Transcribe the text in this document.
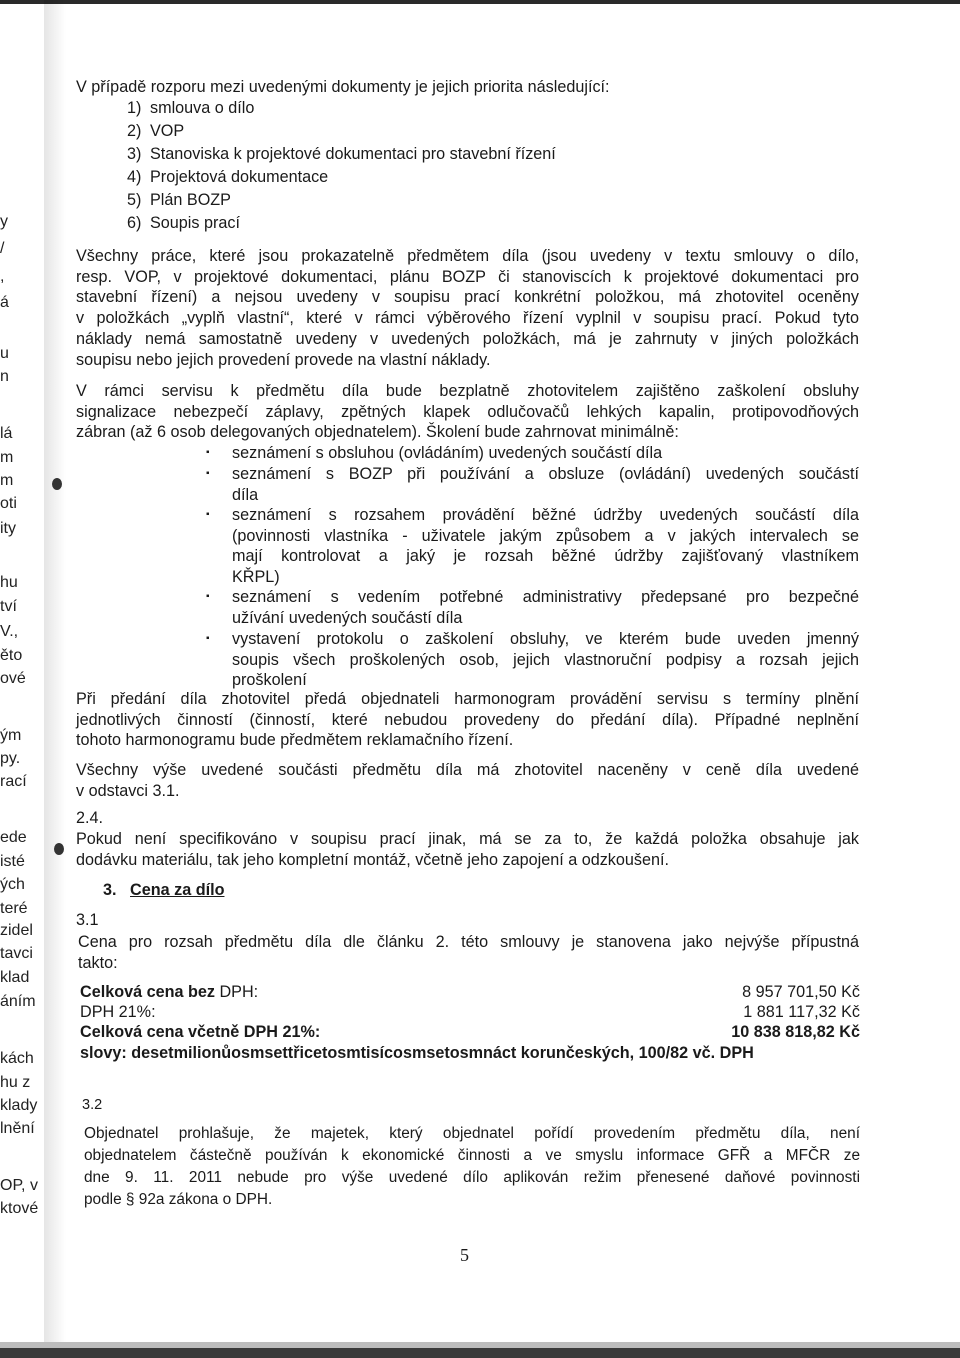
y
/
,
á
u
n
lá
m
m
oti
ity
hu
tví
V.,
ěto
ové
ým
py.
rací
ede
isté
ých
teré
zidel
tavci
klad
áním
kách
hu z
klady
lnění
OP, v
ktové
V případě rozporu mezi uvedenými dokumenty je jejich priorita následující:
1) smlouva o dílo
2) VOP
3) Stanoviska k projektové dokumentaci pro stavební řízení
4) Projektová dokumentace
5) Plán BOZP
6) Soupis prací
Všechny práce, které jsou prokazatelně předmětem díla (jsou uvedeny v textu smlouvy o dílo,
resp. VOP, v projektové dokumentaci, plánu BOZP či stanoviscích k projektové dokumentaci pro
stavební řízení) a nejsou uvedeny v soupisu prací konkrétní položkou, má zhotovitel oceněny
v položkách „vyplň vlastní“, které v rámci výběrového řízení vyplnil v soupisu prací. Pokud tyto
náklady nemá samostatně uvedeny v uvedených položkách, má je zahrnuty v jiných položkách
soupisu nebo jejich provedení provede na vlastní náklady.
V rámci servisu k předmětu díla bude bezplatně zhotovitelem zajištěno zaškolení obsluhy
signalizace nebezpečí záplavy, zpětných klapek odlučovačů lehkých kapalin, protipovodňových
zábran (až 6 osob delegovaných objednatelem). Školení bude zahrnovat minimálně:
▪ seznámení s obsluhou (ovládáním) uvedených součástí díla
▪ seznámení s BOZP při používání a obsluze (ovládání) uvedených součástí
díla
▪ seznámení s rozsahem provádění běžné údržby uvedených součástí díla
(povinnosti vlastníka - uživatele jakým způsobem a v jakých intervalech se
mají kontrolovat a jaký je rozsah běžné údržby zajišťovaný vlastníkem
KŘPL)
▪ seznámení s vedením potřebné administrativy předepsané pro bezpečné
užívání uvedených součástí díla
▪ vystavení protokolu o zaškolení obsluhy, ve kterém bude uveden jmenný
soupis všech proškolených osob, jejich vlastnoruční podpisy a rozsah jejich
proškolení
Při předání díla zhotovitel předá objednateli harmonogram provádění servisu s termíny plnění
jednotlivých činností (činností, které nebudou provedeny do předání díla). Případné neplnění
tohoto harmonogramu bude předmětem reklamačního řízení.
Všechny výše uvedené součásti předmětu díla má zhotovitel naceněny v ceně díla uvedené
v odstavci 3.1.
2.4.
Pokud není specifikováno v soupisu prací jinak, má se za to, že každá položka obsahuje jak
dodávku materiálu, tak jeho kompletní montáž, včetně jeho zapojení a odzkoušení.
3. Cena za dílo
3.1
Cena pro rozsah předmětu díla dle článku 2. této smlouvy je stanovena jako nejvýše přípustná
takto:
Celková cena bez DPH:	8 957 701,50 Kč
DPH 21%:	1 881 117,32 Kč
Celková cena včetně DPH 21%:	10 838 818,82 Kč
slovy: desetmilionůosmsettřicetosmtisícosmsetosmnáct korunčeských, 100/82 vč. DPH
3.2
Objednatel prohlašuje, že majetek, který objednatel pořídí provedením předmětu díla, není
objednatelem částečně používán k ekonomické činnosti a ve smyslu informace GFŘ a MFČR ze
dne 9. 11. 2011 nebude pro výše uvedené dílo aplikován režim přenesené daňové povinnosti
podle § 92a zákona o DPH.
5
